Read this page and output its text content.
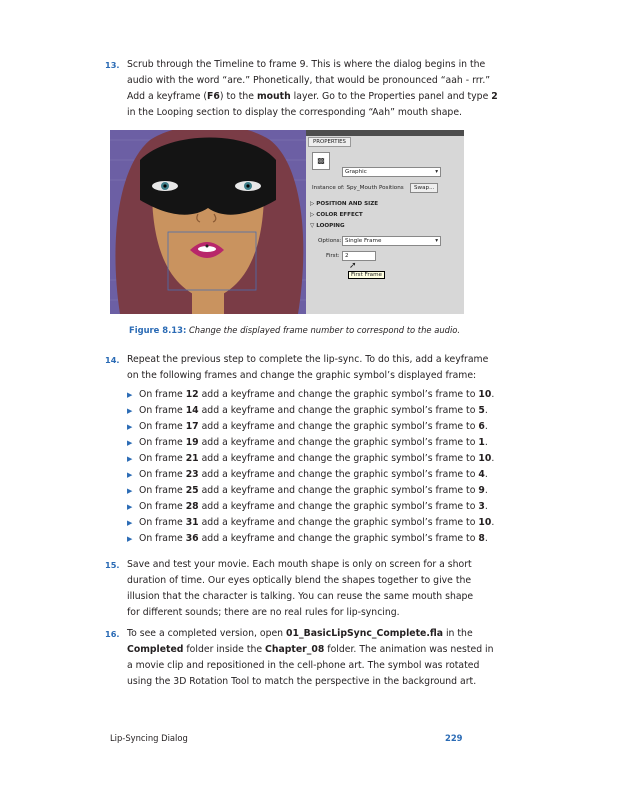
13. Scrub through the Timeline to frame 9. This is where the dialog begins in the
audio with the word “are.” Phonetically, that would be pronounced “aah - rrr.”
Add a keyframe (F6) to the mouth layer. Go to the Properties panel and type 2
in the Looping section to display the corresponding “Aah” mouth shape.
PROPERTIES
▩
Graphic	▾
Instance of: Spy_Mouth Positions	Swap...
▷ POSITION AND SIZE
▷ COLOR EFFECT
▽ LOOPING
Options: Single Frame	▾
First: 2
➚
First Frame
Figure 8.13: Change the displayed frame number to correspond to the audio.
14. Repeat the previous step to complete the lip-sync. To do this, add a keyframe
on the following frames and change the graphic symbol’s displayed frame:
▶ On frame 12 add a keyframe and change the graphic symbol’s frame to 10.
▶ On frame 14 add a keyframe and change the graphic symbol’s frame to 5.
▶ On frame 17 add a keyframe and change the graphic symbol’s frame to 6.
▶ On frame 19 add a keyframe and change the graphic symbol’s frame to 1.
▶ On frame 21 add a keyframe and change the graphic symbol’s frame to 10.
▶ On frame 23 add a keyframe and change the graphic symbol’s frame to 4.
▶ On frame 25 add a keyframe and change the graphic symbol’s frame to 9.
▶ On frame 28 add a keyframe and change the graphic symbol’s frame to 3.
▶ On frame 31 add a keyframe and change the graphic symbol’s frame to 10.
▶ On frame 36 add a keyframe and change the graphic symbol’s frame to 8.
15. Save and test your movie. Each mouth shape is only on screen for a short
duration of time. Our eyes optically blend the shapes together to give the
illusion that the character is talking. You can reuse the same mouth shape
for different sounds; there are no real rules for lip-syncing.
16. To see a completed version, open 01_BasicLipSync_Complete.fla in the
Completed folder inside the Chapter_08 folder. The animation was nested in
a movie clip and repositioned in the cell-phone art. The symbol was rotated
using the 3D Rotation Tool to match the perspective in the background art.
Lip-Syncing Dialog	229
